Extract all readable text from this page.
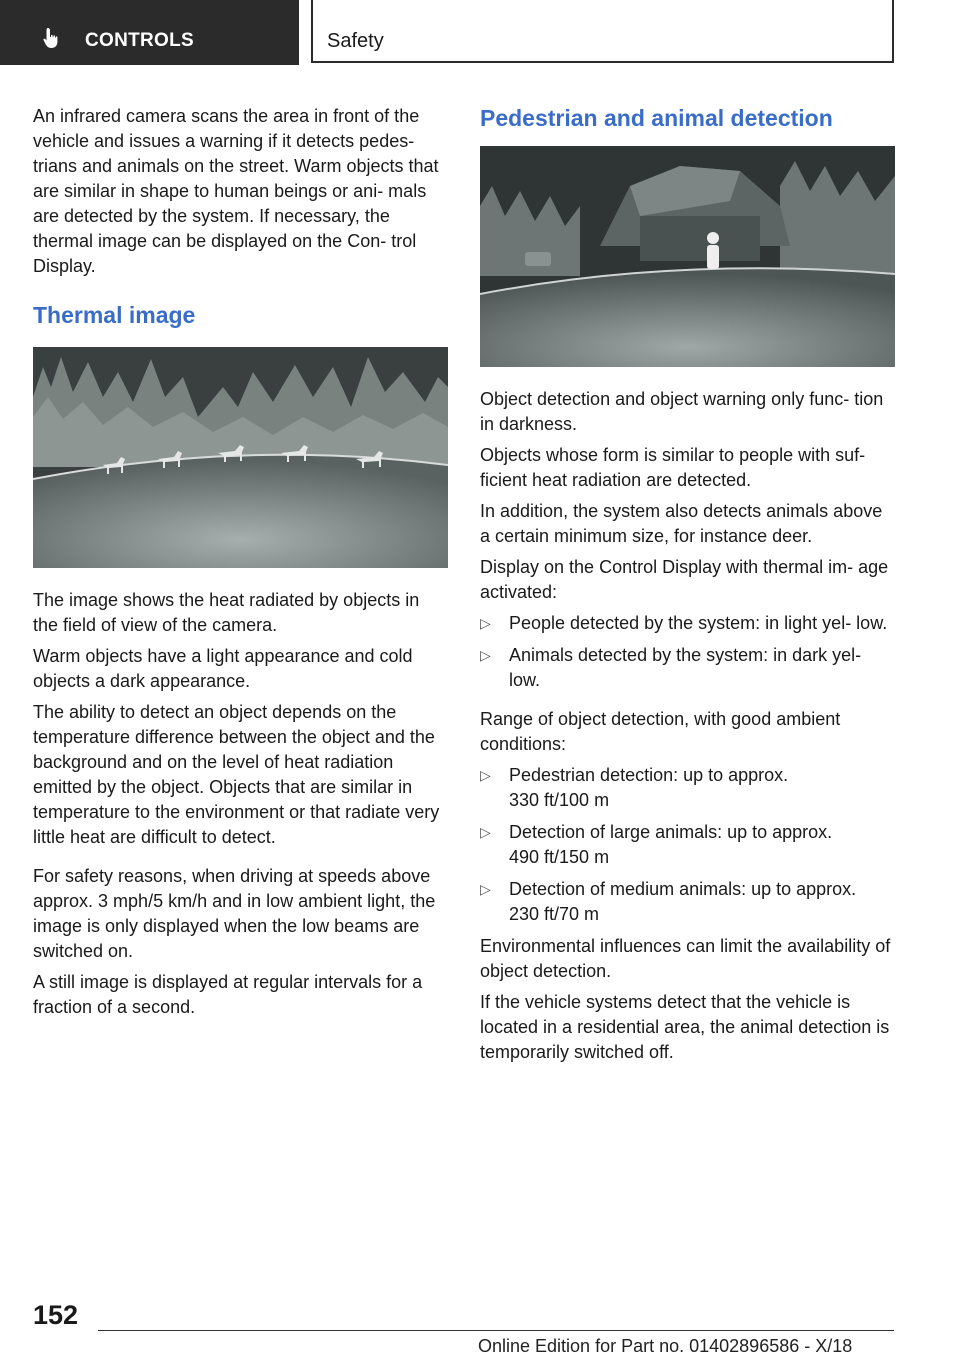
CONTROLS	Safety

An infrared camera scans the area in front of the vehicle and issues a warning if it detects pedes‐ trians and animals on the street. Warm objects that are similar in shape to human beings or ani‐ mals are detected by the system. If necessary, the thermal image can be displayed on the Con‐ trol Display.

Thermal image

The image shows the heat radiated by objects in the field of view of the camera.

Warm objects have a light appearance and cold objects a dark appearance.

The ability to detect an object depends on the temperature difference between the object and the background and on the level of heat radiation emitted by the object. Objects that are similar in temperature to the environment or that radiate very little heat are difficult to detect.

For safety reasons, when driving at speeds above approx. 3 mph/5 km/h and in low ambient light, the image is only displayed when the low beams are switched on.

A still image is displayed at regular intervals for a fraction of a second.

Pedestrian and animal detection

Object detection and object warning only func‐ tion in darkness.

Objects whose form is similar to people with suf‐ ficient heat radiation are detected.

In addition, the system also detects animals above a certain minimum size, for instance deer.

Display on the Control Display with thermal im‐ age activated:

▷ People detected by the system: in light yel‐ low.
▷ Animals detected by the system: in dark yel‐ low.

Range of object detection, with good ambient conditions:

▷ Pedestrian detection: up to approx.
330 ft/100 m
▷ Detection of large animals: up to approx.
490 ft/150 m
▷ Detection of medium animals: up to approx.
230 ft/70 m

Environmental influences can limit the availability of object detection.

If the vehicle systems detect that the vehicle is located in a residential area, the animal detection is temporarily switched off.

152
Online Edition for Part no. 01402896586 - X/18
